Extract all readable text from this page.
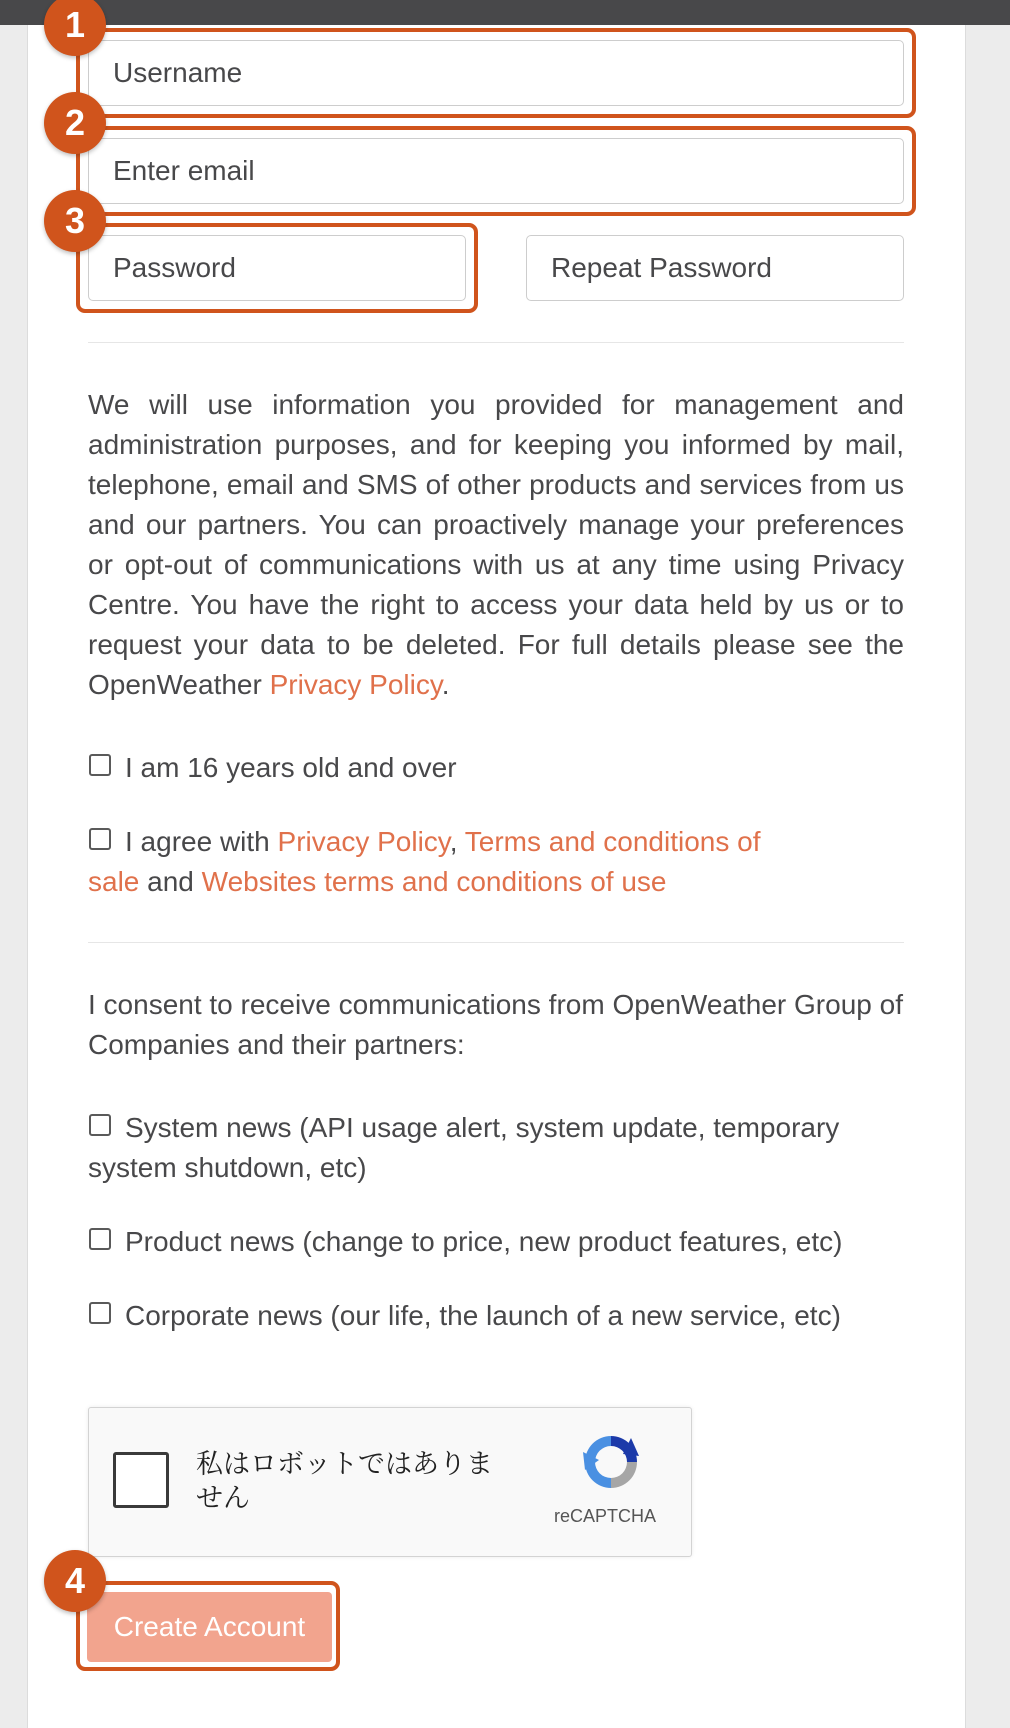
Username
Enter email

We will use information you provided for management and administration purposes, and for keeping you informed by mail, telephone, email and SMS of other products and services from us and our partners. You can proactively manage your preferences or opt-out of communications with us at any time using Privacy Centre. You have the right to access your data held by us or to request your data to be deleted. For full details please see the OpenWeather Privacy Policy.

I am 16 years old and over

I agree with Privacy Policy, Terms and conditions of sale and Websites terms and conditions of use

I consent to receive communications from OpenWeather Group of Companies and their partners:

System news (API usage alert, system update, temporary system shutdown, etc)

Product news (change to price, new product features, etc)
Corporate news (our life, the launch of a new service, etc)
私はロボットではありません
reCAPTCHA
Create Account
1
2
3
4
